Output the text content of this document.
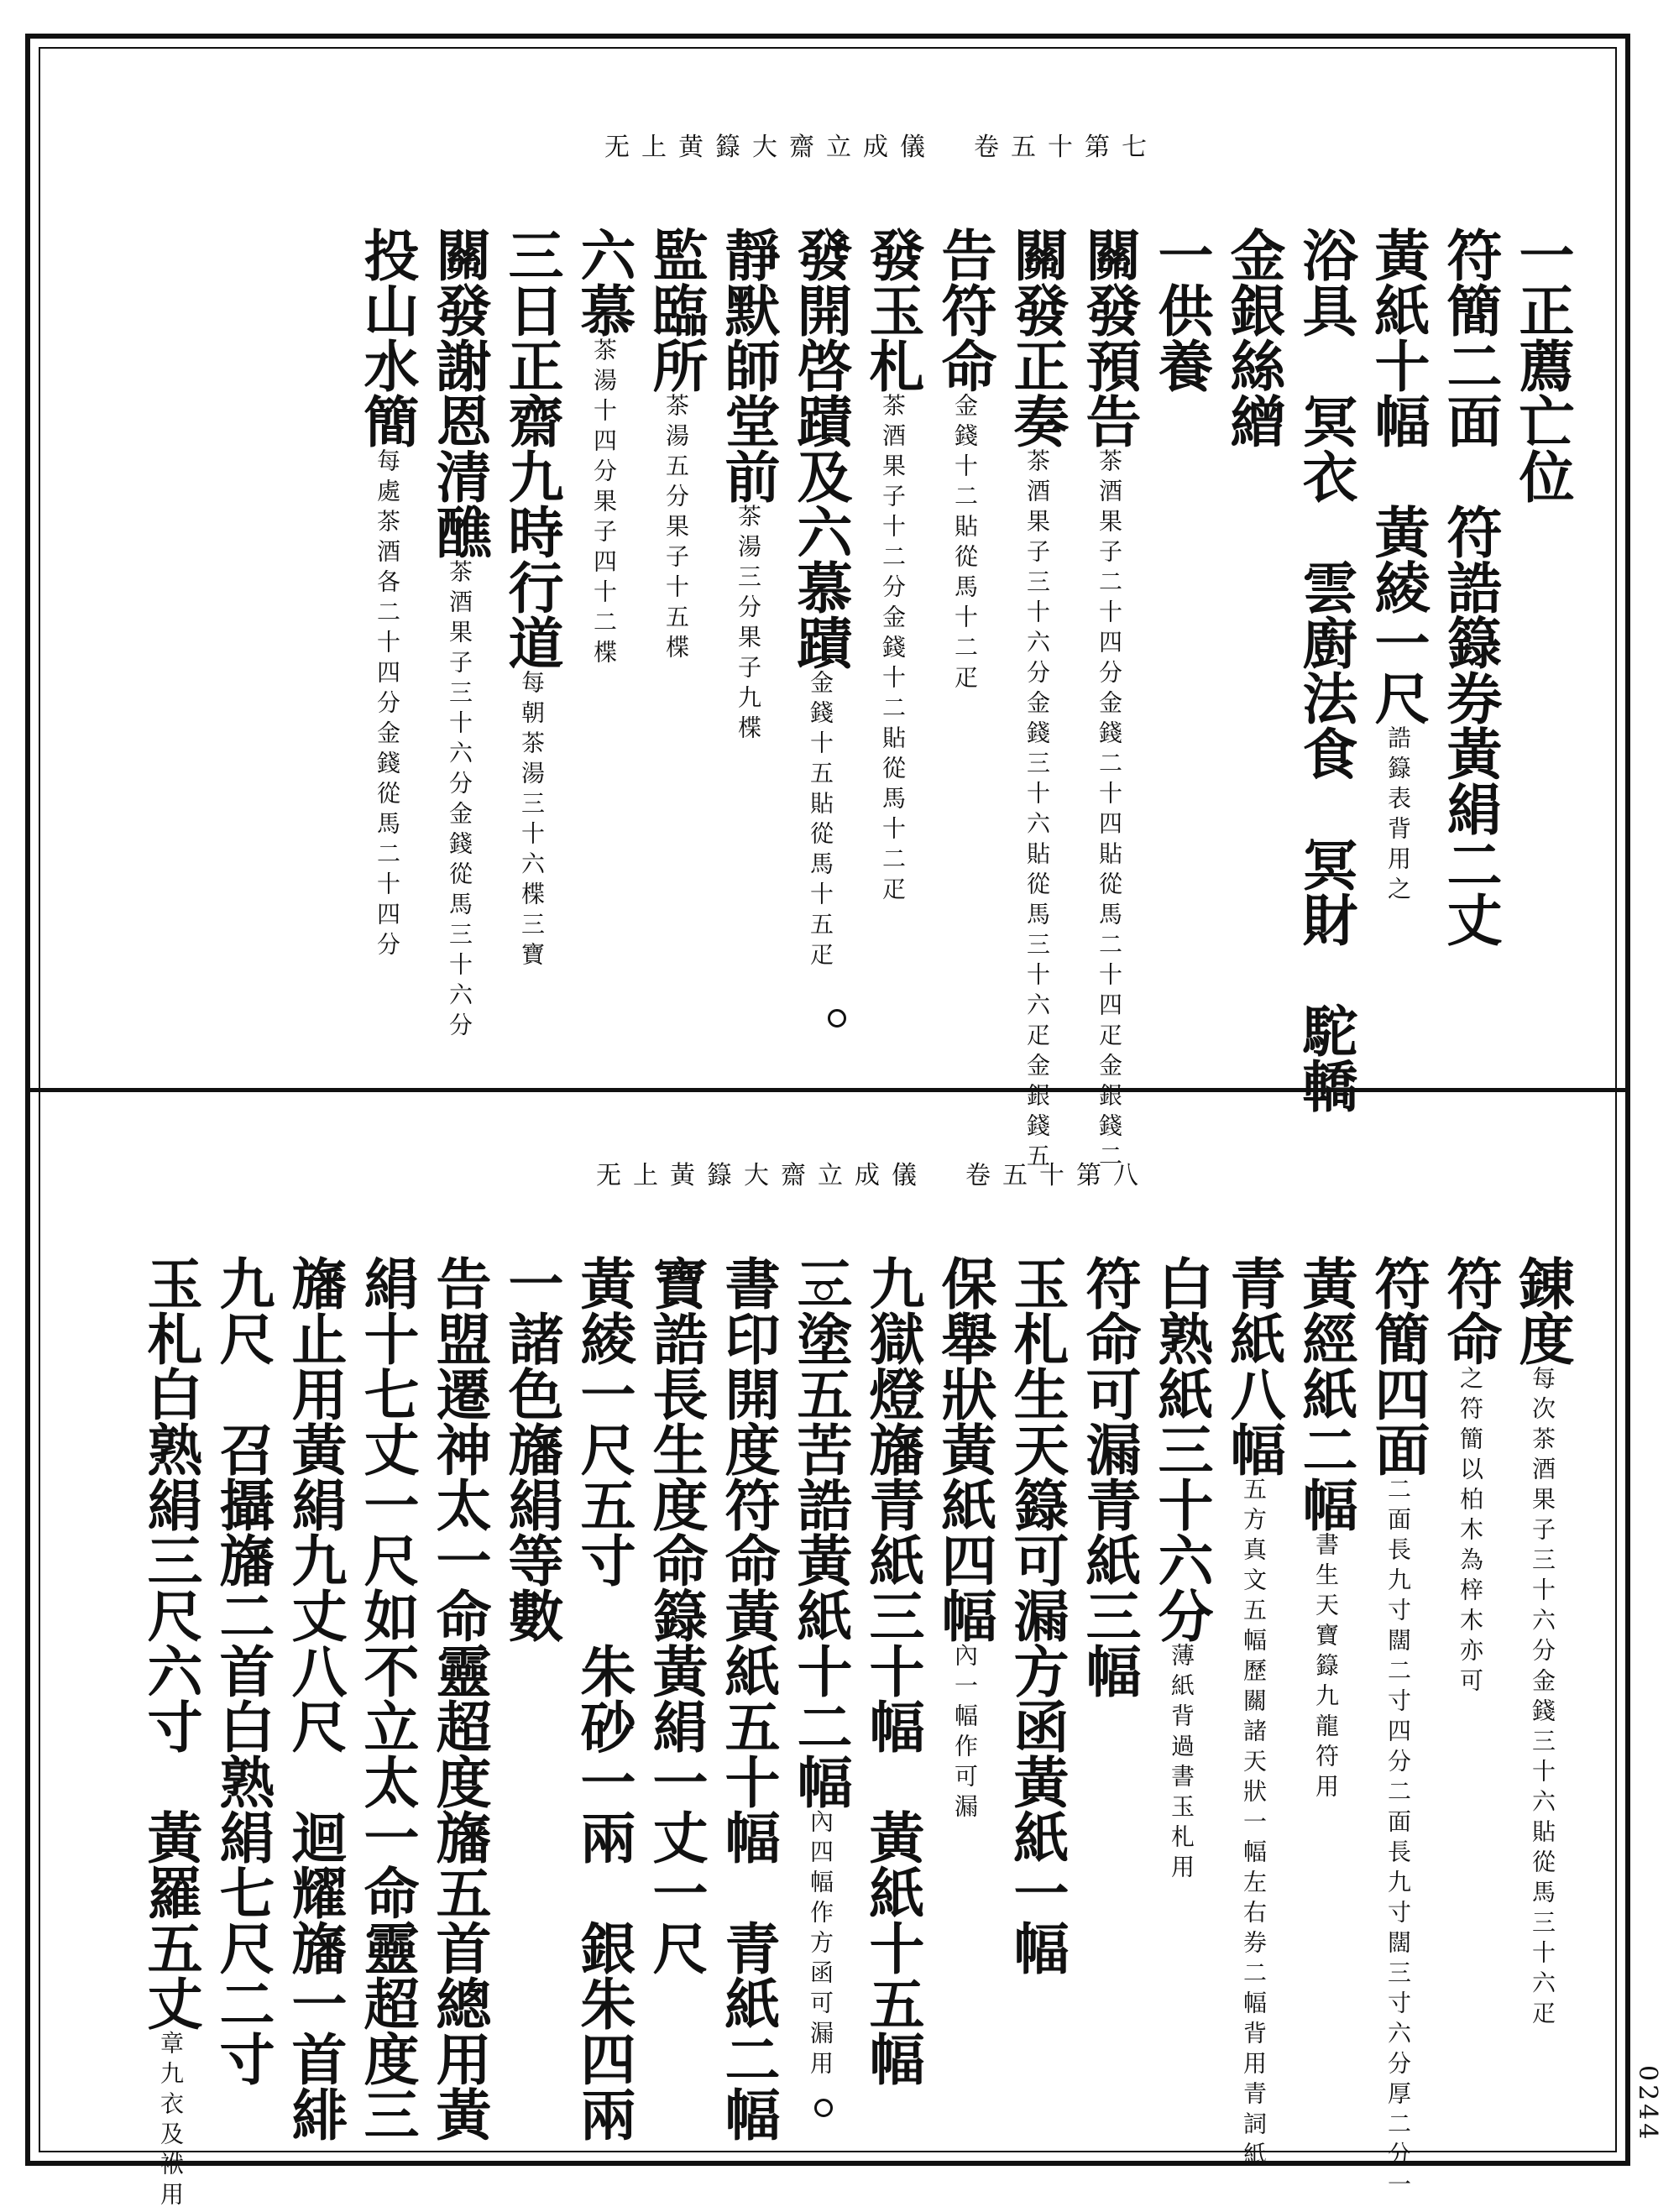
无上黄籙大齋立成儀　卷五十第七
一正薦亡位
符簡二面　符誥籙券黃絹二丈
黃紙十幅　黃綾一尺誥籙表背用之
浴具　冥衣　雲廚法食　冥財　駝轎
金銀絲繒
一供養
關發預告茶酒果子二十四分金錢二十四貼從馬二十四疋金銀錢二
關發正奏茶酒果子三十六分金錢三十六貼從馬三十六疋金銀錢五
告符命金錢十二貼從馬十二疋
發玉札茶酒果子十二分金錢十二貼從馬十二疋
發開啓蹟及六慕蹟金錢十五貼從馬十五疋
靜默師堂前茶湯三分果子九楪
監臨所茶湯五分果子十五楪
六慕茶湯十四分果子四十二楪
三日正齋九時行道每朝茶湯三十六楪三寶
關發謝恩清醮茶酒果子三十六分金錢從馬三十六分
投山水簡每處茶酒各二十四分金錢從馬二十四分
无上黃籙大齋立成儀　卷五十第八
錬度每次茶酒果子三十六分金錢三十六貼從馬三十六疋
符命之符簡以柏木為梓木亦可
符簡四面二面長九寸闊二寸四分二面長九寸闊三寸六分厚二分一
黃經紙二幅書生天寶籙九龍符用
青紙八幅五方真文五幅歷關諸天狀一幅左右券二幅背用青詞紙
白熟紙三十六分薄紙背過書玉札用
符命可漏青紙三幅
玉札生天籙可漏方函黃紙一幅
保舉狀黃紙四幅內一幅作可漏
九獄燈旛青紙三十幅　黃紙十五幅
三塗五苦誥黃紙十二幅內四幅作方函可漏用
書印開度符命黃紙五十幅　青紙二幅
寶誥長生度命籙黃絹一丈一尺
黃綾一尺五寸　朱砂一兩　銀朱四兩
一諸色旛絹等數
告盟遷神太一命靈超度旛五首總用黃
絹十七丈一尺如不立太一命靈超度三
旛止用黃絹九丈八尺　迴耀旛一首緋
九尺　召攝旛二首白熟絹七尺二寸
玉札白熟絹三尺六寸　黃羅五丈章九衣及袱用	0244
